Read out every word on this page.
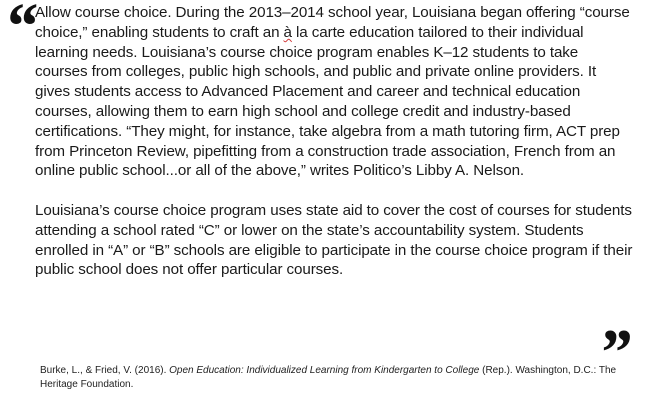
“

Allow course choice. During the 2013–2014 school year, Louisiana began offering “course choice,” enabling students to craft an à la carte education tailored to their individual learning needs. Louisiana’s course choice program enables K–12 students to take courses from colleges, public high schools, and public and private online providers. It gives students access to Advanced Placement and career and technical education courses, allowing them to earn high school and college credit and industry-based certifications. “They might, for instance, take algebra from a math tutoring firm, ACT prep from Princeton Review, pipefitting from a construction trade association, French from an online public school...or all of the above,” writes Politico’s Libby A. Nelson.

Louisiana’s course choice program uses state aid to cover the cost of courses for students attending a school rated “C” or lower on the state’s accountability system. Students enrolled in “A” or “B” schools are eligible to participate in the course choice program if their public school does not offer particular courses.

”
Burke, L., & Fried, V. (2016). Open Education: Individualized Learning from Kindergarten to College (Rep.). Washington, D.C.: The Heritage Foundation.
